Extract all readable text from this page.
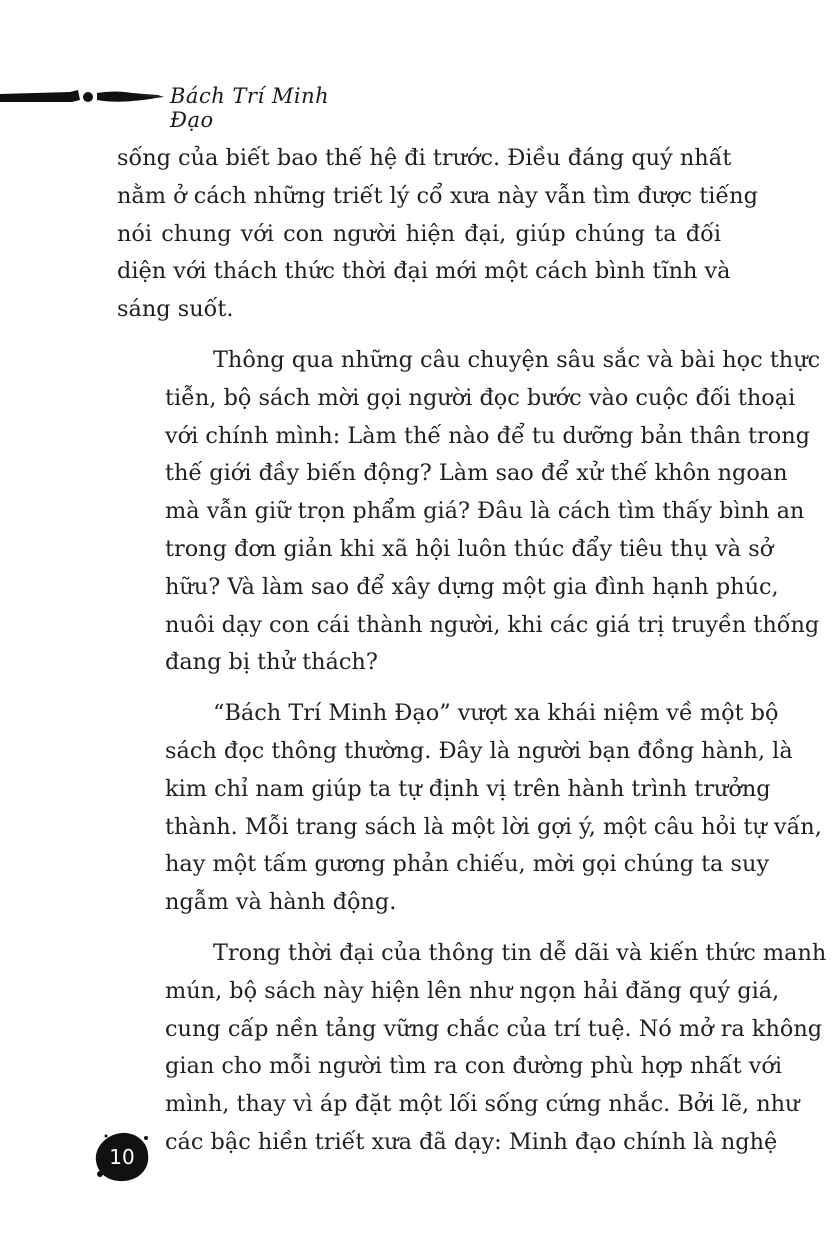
Bách Trí Minh Đạo

sống của biết bao thế hệ đi trước. Điều đáng quý nhất
nằm ở cách những triết lý cổ xưa này vẫn tìm được tiếng
nói chung với con người hiện đại, giúp chúng ta đối
diện với thách thức thời đại mới một cách bình tĩnh và
sáng suốt.

Thông qua những câu chuyện sâu sắc và bài học thực
tiễn, bộ sách mời gọi người đọc bước vào cuộc đối thoại
với chính mình: Làm thế nào để tu dưỡng bản thân trong
thế giới đầy biến động? Làm sao để xử thế khôn ngoan
mà vẫn giữ trọn phẩm giá? Đâu là cách tìm thấy bình an
trong đơn giản khi xã hội luôn thúc đẩy tiêu thụ và sở
hữu? Và làm sao để xây dựng một gia đình hạnh phúc,
nuôi dạy con cái thành người, khi các giá trị truyền thống
đang bị thử thách?

“Bách Trí Minh Đạo” vượt xa khái niệm về một bộ
sách đọc thông thường. Đây là người bạn đồng hành, là
kim chỉ nam giúp ta tự định vị trên hành trình trưởng
thành. Mỗi trang sách là một lời gợi ý, một câu hỏi tự vấn,
hay một tấm gương phản chiếu, mời gọi chúng ta suy
ngẫm và hành động.

Trong thời đại của thông tin dễ dãi và kiến thức manh
mún, bộ sách này hiện lên như ngọn hải đăng quý giá,
cung cấp nền tảng vững chắc của trí tuệ. Nó mở ra không
gian cho mỗi người tìm ra con đường phù hợp nhất với
mình, thay vì áp đặt một lối sống cứng nhắc. Bởi lẽ, như
các bậc hiền triết xưa đã dạy: Minh đạo chính là nghệ

10
